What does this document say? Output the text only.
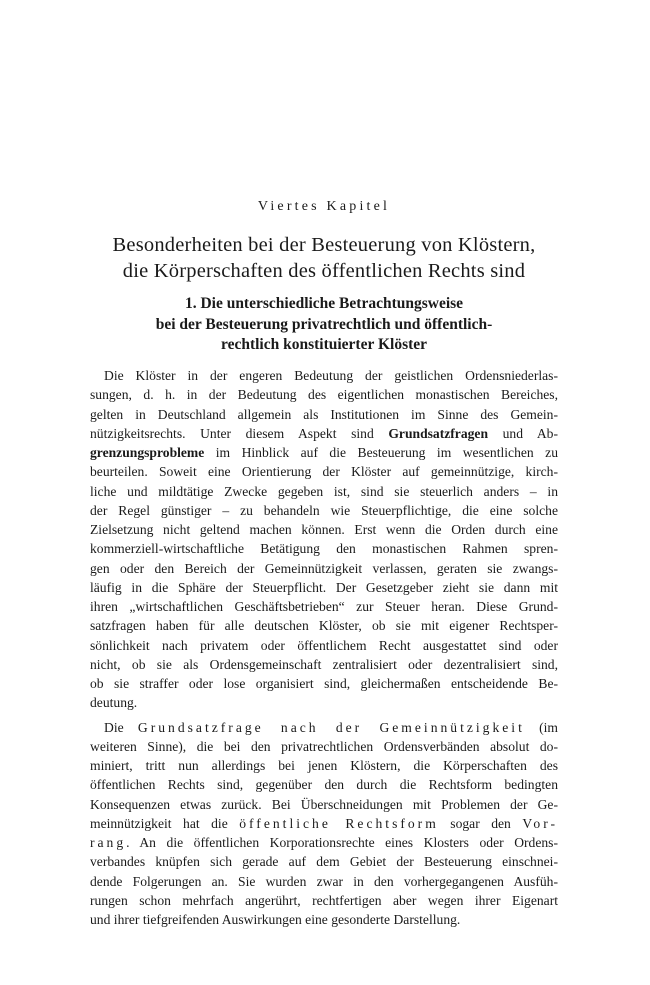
Viertes Kapitel
Besonderheiten bei der Besteuerung von Klöstern,
die Körperschaften des öffentlichen Rechts sind
1. Die unterschiedliche Betrachtungsweise
bei der Besteuerung privatrechtlich und öffentlich-
rechtlich konstituierter Klöster
Die Klöster in der engeren Bedeutung der geistlichen Ordensniederlas-
sungen, d. h. in der Bedeutung des eigentlichen monastischen Bereiches,
gelten in Deutschland allgemein als Institutionen im Sinne des Gemein-
nützigkeitsrechts. Unter diesem Aspekt sind Grundsatzfragen und Ab-
grenzungsprobleme im Hinblick auf die Besteuerung im wesentlichen zu
beurteilen. Soweit eine Orientierung der Klöster auf gemeinnützige, kirch-
liche und mildtätige Zwecke gegeben ist, sind sie steuerlich anders – in
der Regel günstiger – zu behandeln wie Steuerpflichtige, die eine solche
Zielsetzung nicht geltend machen können. Erst wenn die Orden durch eine
kommerziell-wirtschaftliche Betätigung den monastischen Rahmen spren-
gen oder den Bereich der Gemeinnützigkeit verlassen, geraten sie zwangs-
läufig in die Sphäre der Steuerpflicht. Der Gesetzgeber zieht sie dann mit
ihren „wirtschaftlichen Geschäftsbetrieben“ zur Steuer heran. Diese Grund-
satzfragen haben für alle deutschen Klöster, ob sie mit eigener Rechtsper-
sönlichkeit nach privatem oder öffentlichem Recht ausgestattet sind oder
nicht, ob sie als Ordensgemeinschaft zentralisiert oder dezentralisiert sind,
ob sie straffer oder lose organisiert sind, gleichermaßen entscheidende Be-
deutung.
Die Grundsatzfrage nach der Gemeinnützigkeit (im
weiteren Sinne), die bei den privatrechtlichen Ordensverbänden absolut do-
miniert, tritt nun allerdings bei jenen Klöstern, die Körperschaften des
öffentlichen Rechts sind, gegenüber den durch die Rechtsform bedingten
Konsequenzen etwas zurück. Bei Überschneidungen mit Problemen der Ge-
meinnützigkeit hat die öffentliche Rechtsform sogar den Vor-
rang. An die öffentlichen Korporationsrechte eines Klosters oder Ordens-
verbandes knüpfen sich gerade auf dem Gebiet der Besteuerung einschnei-
dende Folgerungen an. Sie wurden zwar in den vorhergegangenen Ausfüh-
rungen schon mehrfach angerührt, rechtfertigen aber wegen ihrer Eigenart
und ihrer tiefgreifenden Auswirkungen eine gesonderte Darstellung.
